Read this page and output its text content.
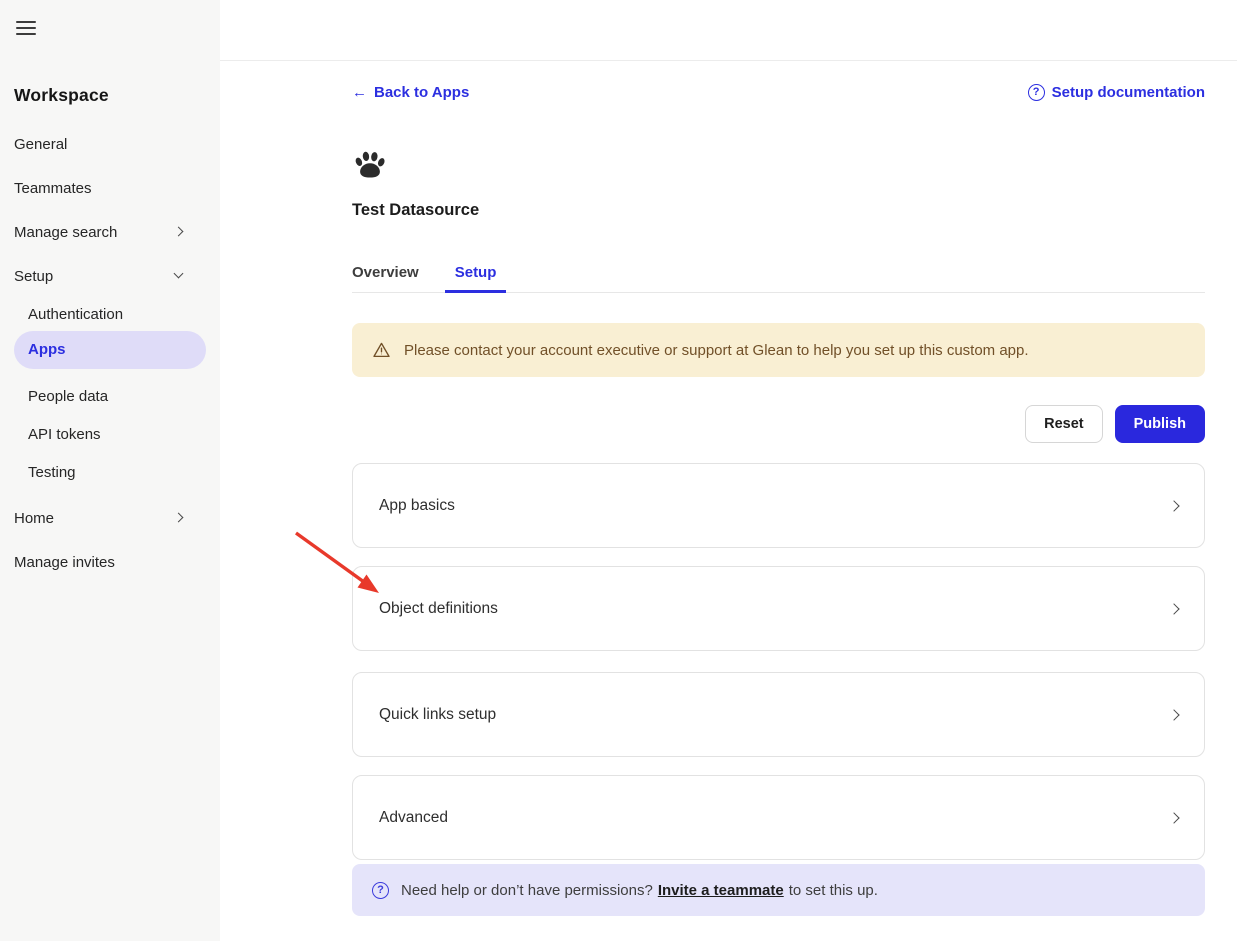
Workspace
General
Teammates
Manage search
Setup
Authentication
Apps
People data
API tokens
Testing
Home
Manage invites
← Back to Apps	? Setup documentation
Test Datasource
Overview	Setup
Please contact your account executive or support at Glean to help you set up this custom app.
Reset	Publish
App basics
Object definitions
Quick links setup
Advanced
?	Need help or don’t have permissions? Invite a teammate to set this up.
